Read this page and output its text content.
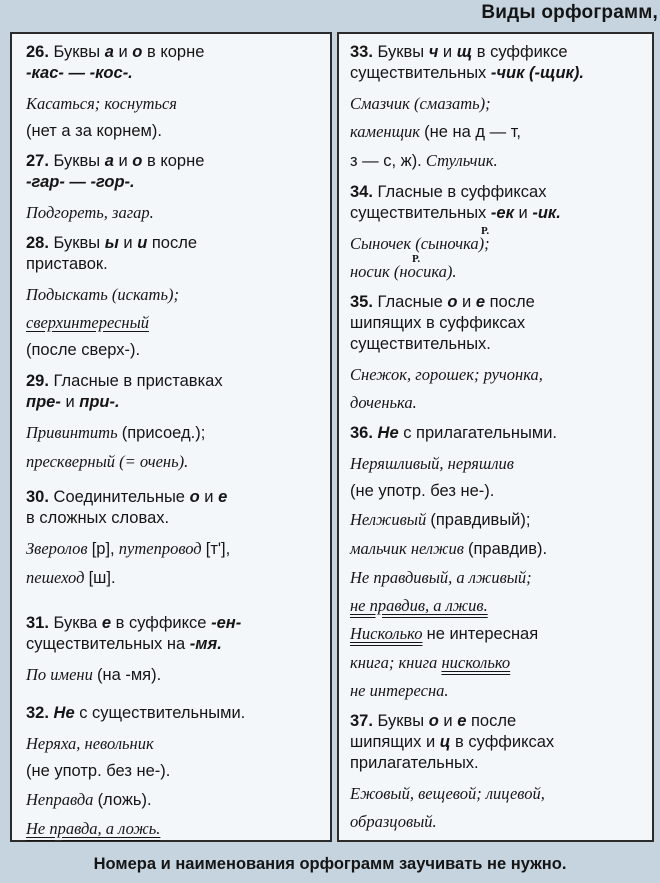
Виды орфограмм,

26. Буквы а и о в корне
-кас- — -кос-.

Касаться; коснуться
(нет а за корнем).

27. Буквы а и о в корне
-гар- — -гор-.

Подгореть, загар.

28. Буквы ы и и после
приставок.

Подыскать (искать);
сверхинтересный
(после сверх-).

29. Гласные в приставках
пре- и при-.

Привинтить (присоед.);
прескверный (= очень).

30. Соединительные о и е
в сложных словах.

Зверолов [р], путепровод [т'],
пешеход [ш].

31. Буква е в суффиксе -ен-
существительных на -мя.

По имени (на -мя).

32. Не с существительными.

Неряха, невольник
(не употр. без не-).
Неправда (ложь).
Не правда, а ложь.

33. Буквы ч и щ в суффиксе
существительных -чик (-щик).

Смазчик (смазать);
каменщик (не на д — т,
з — с, ж). Стульчик.

34. Гласные в суффиксах
существительных -ек и -ик.

Р.
Сыночек (сыночка);
Р.
носик (носика).

35. Гласные о и е после
шипящих в суффиксах
существительных.

Снежок, горошек; ручонка,
доченька.

36. Не с прилагательными.

Неряшливый, неряшлив
(не употр. без не-).
Нелживый (правдивый);
мальчик нелжив (правдив).
Не правдивый, а лживый;
не правдив, а лжив.
Нисколько не интересная
книга; книга нисколько
не интересна.

37. Буквы о и е после
шипящих и ц в суффиксах
прилагательных.

Ежовый, вещевой; лицевой,
образцовый.
Номера и наименования орфограмм заучивать не нужно.
